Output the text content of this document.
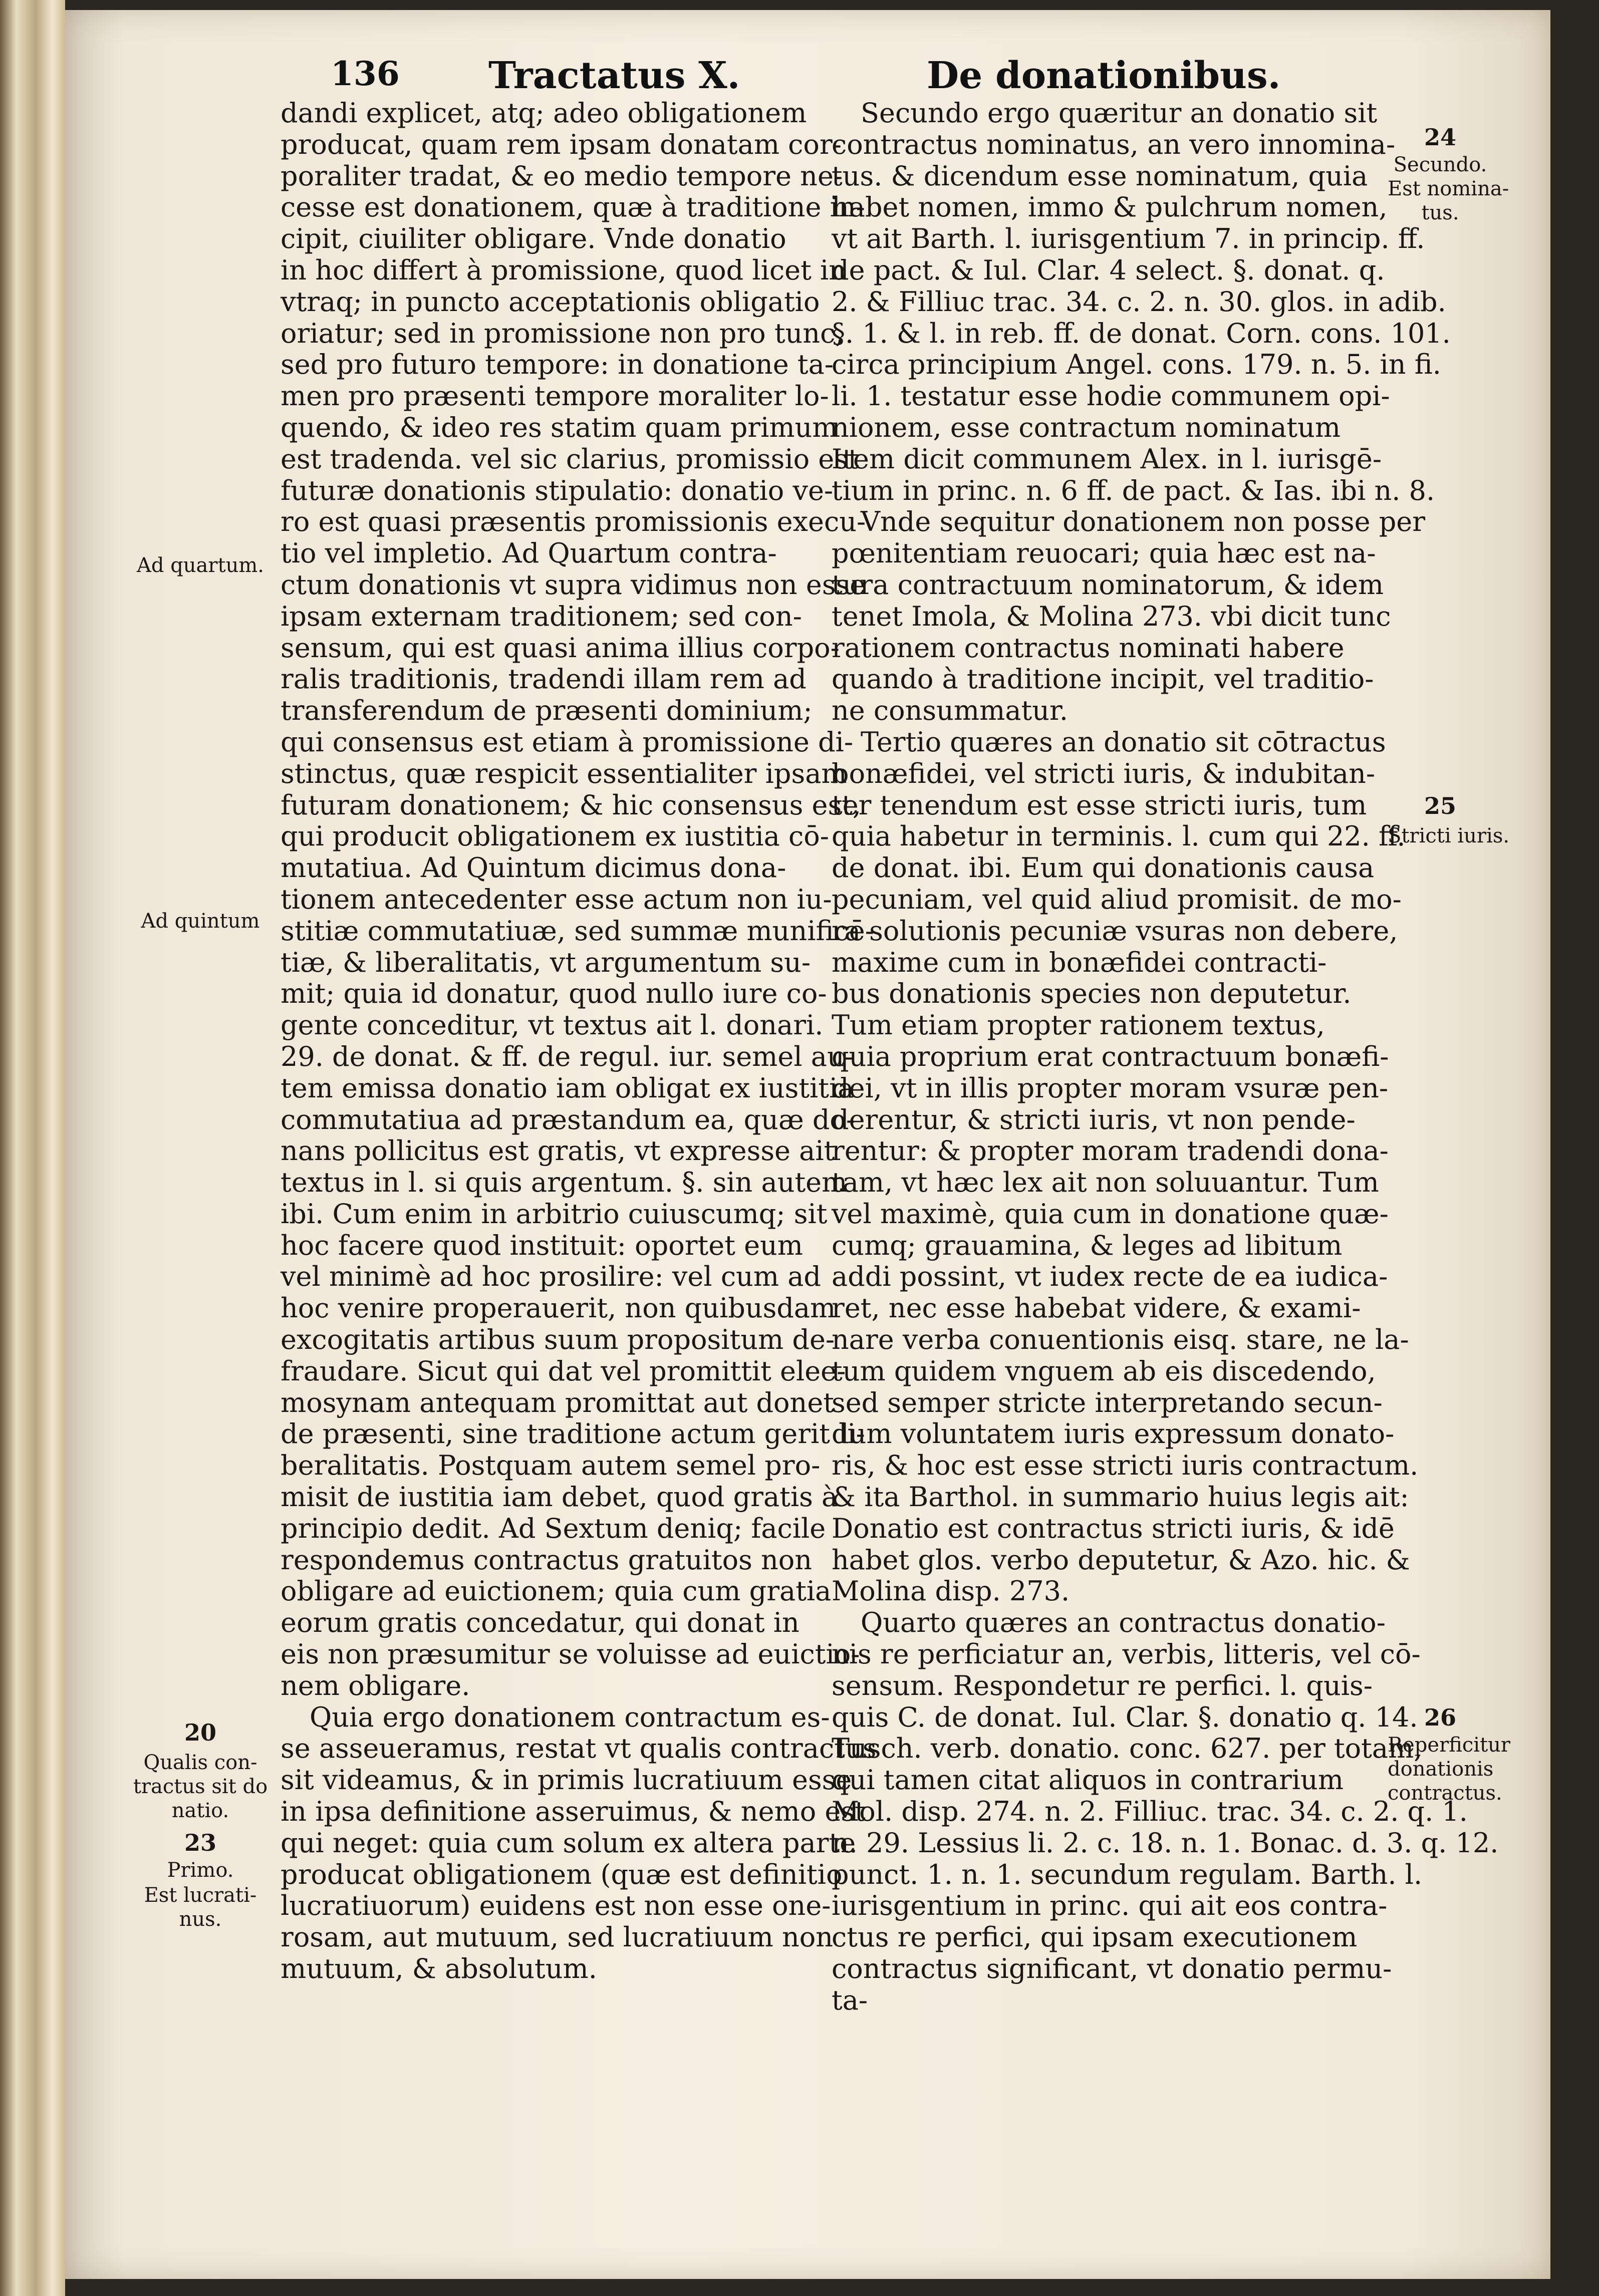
136 Tractatus X.	De donationibus.
dandi explicet, atq; adeo obligationem
producat, quam rem ipsam donatam cor-
poraliter tradat, & eo medio tempore ne-
cesse est donationem, quæ à traditione in-
cipit, ciuiliter obligare. Vnde donatio
in hoc differt à promissione, quod licet in
vtraq; in puncto acceptationis obligatio
oriatur; sed in promissione non pro tunc,
sed pro futuro tempore: in donatione ta-
men pro præsenti tempore moraliter lo-
quendo, & ideo res statim quam primum
est tradenda. vel sic clarius, promissio est
futuræ donationis stipulatio: donatio ve-
ro est quasi præsentis promissionis execu-
tio vel impletio. Ad Quartum contra-
ctum donationis vt supra vidimus non esse
ipsam externam traditionem; sed con-
sensum, qui est quasi anima illius corpo-
ralis traditionis, tradendi illam rem ad
transferendum de præsenti dominium;
qui consensus est etiam à promissione di-
stinctus, quæ respicit essentialiter ipsam
futuram donationem; & hic consensus est,
qui producit obligationem ex iustitia cō-
mutatiua. Ad Quintum dicimus dona-
tionem antecedenter esse actum non iu-
stitiæ commutatiuæ, sed summæ munificē-
tiæ, & liberalitatis, vt argumentum su-
mit; quia id donatur, quod nullo iure co-
gente conceditur, vt textus ait l. donari.
29. de donat. & ff. de regul. iur. semel au-
tem emissa donatio iam obligat ex iustitia
commutatiua ad præstandum ea, quæ do-
nans pollicitus est gratis, vt expresse ait
textus in l. si quis argentum. §. sin autem
ibi. Cum enim in arbitrio cuiuscumq; sit
hoc facere quod instituit: oportet eum
vel minimè ad hoc prosilire: vel cum ad
hoc venire properauerit, non quibusdam
excogitatis artibus suum propositum de-
fraudare. Sicut qui dat vel promittit elee-
mosynam antequam promittat aut donet
de præsenti, sine traditione actum gerit li-
beralitatis. Postquam autem semel pro-
misit de iustitia iam debet, quod gratis à
principio dedit. Ad Sextum deniq; facile
respondemus contractus gratuitos non
obligare ad euictionem; quia cum gratia
eorum gratis concedatur, qui donat in
eis non præsumitur se voluisse ad euictio-
nem obligare.
Quia ergo donationem contractum es-
se asseueramus, restat vt qualis contractus
sit videamus, & in primis lucratiuum esse
in ipsa definitione asseruimus, & nemo est
qui neget: quia cum solum ex altera parte
producat obligationem (quæ est definitio
lucratiuorum) euidens est non esse one-
rosam, aut mutuum, sed lucratiuum non
mutuum, & absolutum.
Secundo ergo quæritur an donatio sit
contractus nominatus, an vero innomina-
tus. & dicendum esse nominatum, quia
habet nomen, immo & pulchrum nomen,
vt ait Barth. l. iurisgentium 7. in princip. ff.
de pact. & Iul. Clar. 4 select. §. donat. q.
2. & Filliuc trac. 34. c. 2. n. 30. glos. in adib.
§. 1. & l. in reb. ff. de donat. Corn. cons. 101.
circa principium Angel. cons. 179. n. 5. in fi.
li. 1. testatur esse hodie communem opi-
nionem, esse contractum nominatum
Item dicit communem Alex. in l. iurisgē-
tium in princ. n. 6 ff. de pact. & Ias. ibi n. 8.
Vnde sequitur donationem non posse per
pœnitentiam reuocari; quia hæc est na-
tura contractuum nominatorum, & idem
tenet Imola, & Molina 273. vbi dicit tunc
rationem contractus nominati habere
quando à traditione incipit, vel traditio-
ne consummatur.
Tertio quæres an donatio sit cōtractus
bonæfidei, vel stricti iuris, & indubitan-
ter tenendum est esse stricti iuris, tum
quia habetur in terminis. l. cum qui 22. ff.
de donat. ibi. Eum qui donationis causa
pecuniam, vel quid aliud promisit. de mo-
ra solutionis pecuniæ vsuras non debere,
maxime cum in bonæfidei contracti-
bus donationis species non deputetur.
Tum etiam propter rationem textus,
quia proprium erat contractuum bonæfi-
dei, vt in illis propter moram vsuræ pen-
derentur, & stricti iuris, vt non pende-
rentur: & propter moram tradendi dona-
tam, vt hæc lex ait non soluuantur. Tum
vel maximè, quia cum in donatione quæ-
cumq; grauamina, & leges ad libitum
addi possint, vt iudex recte de ea iudica-
ret, nec esse habebat videre, & exami-
nare verba conuentionis eisq. stare, ne la-
tum quidem vnguem ab eis discedendo,
sed semper stricte interpretando secun-
dum voluntatem iuris expressum donato-
ris, & hoc est esse stricti iuris contractum.
& ita Barthol. in summario huius legis ait:
Donatio est contractus stricti iuris, & idē
habet glos. verbo deputetur, & Azo. hic. &
Molina disp. 273.
Quarto quæres an contractus donatio-
nis re perficiatur an, verbis, litteris, vel cō-
sensum. Respondetur re perfici. l. quis-
quis C. de donat. Iul. Clar. §. donatio q. 14.
Tusch. verb. donatio. conc. 627. per totam,
qui tamen citat aliquos in contrarium
Mol. disp. 274. n. 2. Filliuc. trac. 34. c. 2. q. 1.
n. 29. Lessius li. 2. c. 18. n. 1. Bonac. d. 3. q. 12.
punct. 1. n. 1. secundum regulam. Barth. l.
iurisgentium in princ. qui ait eos contra-
ctus re perfici, qui ipsam executionem
contractus significant, vt donatio permu-
ta-
Ad quartum.
Ad quintum
20
Qualis con-
tractus sit do
natio.
23
Primo.
Est lucrati-
nus.
24
Secundo.
Est nomina-
tus.
25
Stricti iuris.
26
Reperficitur
donationis
contractus.
